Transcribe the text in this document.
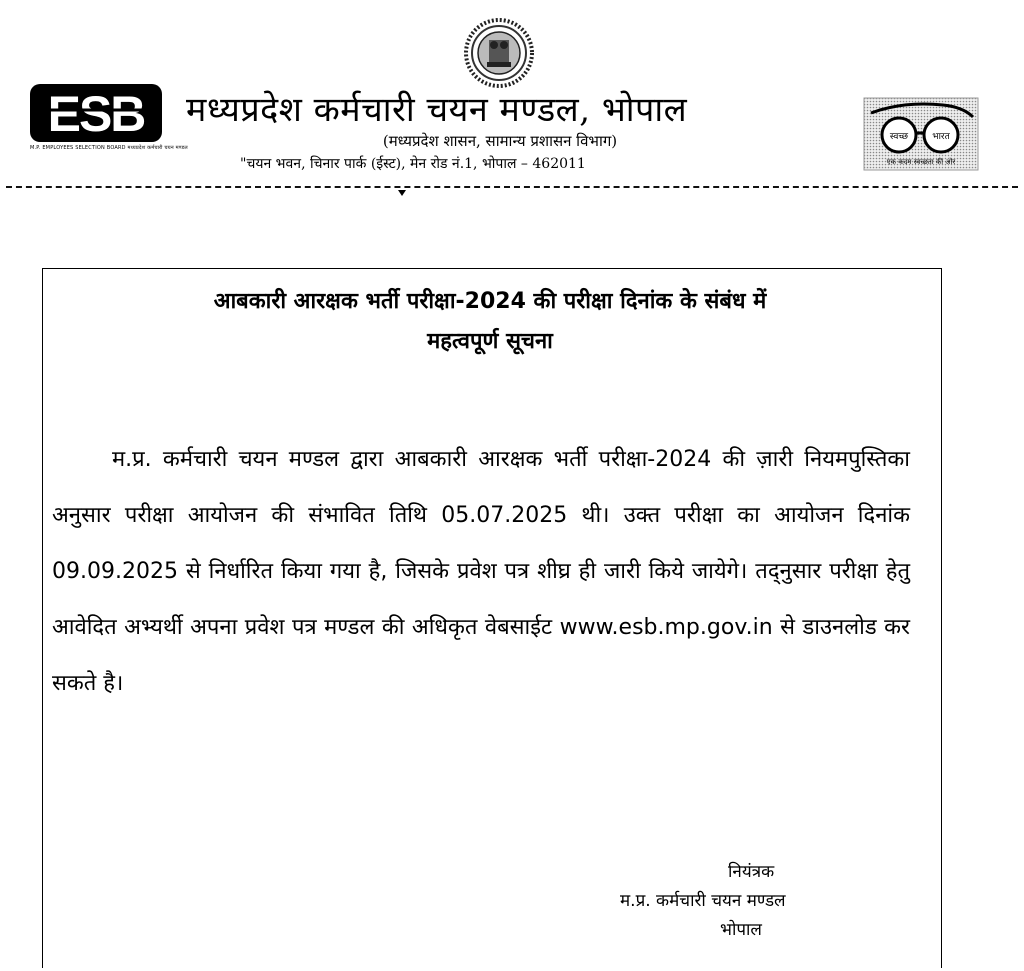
ESB
M.P. EMPLOYEES SELECTION BOARD मध्यप्रदेश कर्मचारी चयन मण्डल
मध्यप्रदेश कर्मचारी चयन मण्डल, भोपाल
(मध्यप्रदेश शासन, सामान्य प्रशासन विभाग)
"चयन भवन, चिनार पार्क (ईस्ट), मेन रोड नं.1, भोपाल – 462011
स्वच्छ	भारत
एक कदम स्वच्छता की ओर
आबकारी आरक्षक भर्ती परीक्षा-2024 की परीक्षा दिनांक के संबंध में
महत्वपूर्ण सूचना
म.प्र. कर्मचारी चयन मण्डल द्वारा आबकारी आरक्षक भर्ती परीक्षा-2024 की ज़ारी नियमपुस्तिका अनुसार परीक्षा आयोजन की संभावित तिथि 05.07.2025 थी। उक्त परीक्षा का आयोजन दिनांक 09.09.2025 से निर्धारित किया गया है, जिसके प्रवेश पत्र शीघ्र ही जारी किये जायेगे। तद्नुसार परीक्षा हेतु आवेदित अभ्यर्थी अपना प्रवेश पत्र मण्डल की अधिकृत वेबसाईट www.esb.mp.gov.in से डाउनलोड कर सकते है।
नियंत्रक
म.प्र. कर्मचारी चयन मण्डल
भोपाल
